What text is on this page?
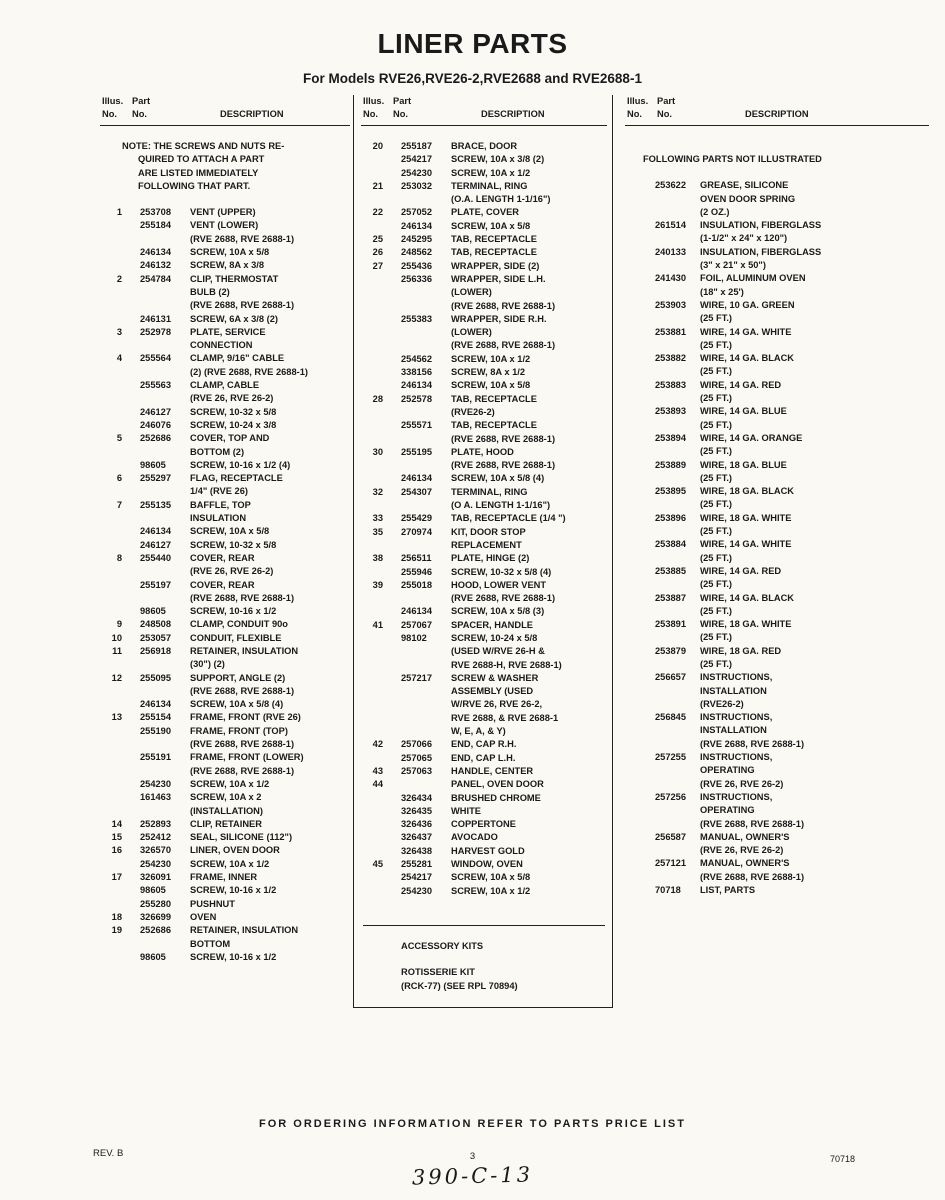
LINER PARTS
For Models RVE26,RVE26-2,RVE2688 and RVE2688-1
Illus. Part
No. No.	DESCRIPTION
NOTE: THE SCREWS AND NUTS RE-
QUIRED TO ATTACH A PART
ARE LISTED IMMEDIATELY
FOLLOWING THAT PART.
1 253708	VENT (UPPER)
255184	VENT (LOWER)
(RVE 2688, RVE 2688-1)
246134	SCREW, 10A x 5/8
246132	SCREW, 8A x 3/8
2 254784	CLIP, THERMOSTAT
BULB (2)
(RVE 2688, RVE 2688-1)
246131	SCREW, 6A x 3/8 (2)
3 252978	PLATE, SERVICE
CONNECTION
4 255564	CLAMP, 9/16" CABLE
(2) (RVE 2688, RVE 2688-1)
255563	CLAMP, CABLE
(RVE 26, RVE 26-2)
246127	SCREW, 10-32 x 5/8
246076	SCREW, 10-24 x 3/8
5 252686	COVER, TOP AND
BOTTOM (2)
98605	SCREW, 10-16 x 1/2 (4)
6 255297	FLAG, RECEPTACLE
1/4" (RVE 26)
7 255135	BAFFLE, TOP
INSULATION
246134	SCREW, 10A x 5/8
246127	SCREW, 10-32 x 5/8
8 255440	COVER, REAR
(RVE 26, RVE 26-2)
255197	COVER, REAR
(RVE 2688, RVE 2688-1)
98605	SCREW, 10-16 x 1/2
9 248508	CLAMP, CONDUIT 90o
10 253057	CONDUIT, FLEXIBLE
11 256918	RETAINER, INSULATION
(30") (2)
12 255095	SUPPORT, ANGLE (2)
(RVE 2688, RVE 2688-1)
246134	SCREW, 10A x 5/8 (4)
13 255154	FRAME, FRONT (RVE 26)
255190	FRAME, FRONT (TOP)
(RVE 2688, RVE 2688-1)
255191	FRAME, FRONT (LOWER)
(RVE 2688, RVE 2688-1)
254230	SCREW, 10A x 1/2
161463	SCREW, 10A x 2
(INSTALLATION)
14 252893	CLIP, RETAINER
15 252412	SEAL, SILICONE (112")
16 326570	LINER, OVEN DOOR
254230	SCREW, 10A x 1/2
17 326091	FRAME, INNER
98605	SCREW, 10-16 x 1/2
255280	PUSHNUT
18 326699	OVEN
19 252686	RETAINER, INSULATION
BOTTOM
98605	SCREW, 10-16 x 1/2
Illus. Part
No. No.	DESCRIPTION
20 255187	BRACE, DOOR
254217	SCREW, 10A x 3/8 (2)
254230	SCREW, 10A x 1/2
21 253032	TERMINAL, RING
(O.A. LENGTH 1-1/16")
22 257052	PLATE, COVER
246134	SCREW, 10A x 5/8
25 245295	TAB, RECEPTACLE
26 248562	TAB, RECEPTACLE
27 255436	WRAPPER, SIDE (2)
256336	WRAPPER, SIDE L.H.
(LOWER)
(RVE 2688, RVE 2688-1)
255383	WRAPPER, SIDE R.H.
(LOWER)
(RVE 2688, RVE 2688-1)
254562	SCREW, 10A x 1/2
338156	SCREW, 8A x 1/2
246134	SCREW, 10A x 5/8
28 252578	TAB, RECEPTACLE
(RVE26-2)
255571	TAB, RECEPTACLE
(RVE 2688, RVE 2688-1)
30 255195	PLATE, HOOD
(RVE 2688, RVE 2688-1)
246134	SCREW, 10A x 5/8 (4)
32 254307	TERMINAL, RING
(O A. LENGTH 1-1/16")
33 255429	TAB, RECEPTACLE (1/4 ")
35 270974	KIT, DOOR STOP
REPLACEMENT
38 256511	PLATE, HINGE (2)
255946	SCREW, 10-32 x 5/8 (4)
39 255018	HOOD, LOWER VENT
(RVE 2688, RVE 2688-1)
246134	SCREW, 10A x 5/8 (3)
41 257067	SPACER, HANDLE
98102	SCREW, 10-24 x 5/8
(USED W/RVE 26-H &
RVE 2688-H, RVE 2688-1)
257217	SCREW & WASHER
ASSEMBLY (USED
W/RVE 26, RVE 26-2,
RVE 2688, & RVE 2688-1
W, E, A, & Y)
42 257066	END, CAP R.H.
257065	END, CAP L.H.
43 257063	HANDLE, CENTER
44	PANEL, OVEN DOOR
326434	BRUSHED CHROME
326435	WHITE
326436	COPPERTONE
326437	AVOCADO
326438	HARVEST GOLD
45 255281	WINDOW, OVEN
254217	SCREW, 10A x 5/8
254230	SCREW, 10A x 1/2
ACCESSORY KITS
ROTISSERIE KIT
(RCK-77) (SEE RPL 70894)
Illus. Part
No. No.	DESCRIPTION
FOLLOWING PARTS NOT ILLUSTRATED
253622	GREASE, SILICONE
OVEN DOOR SPRING
(2 OZ.)
261514	INSULATION, FIBERGLASS
(1-1/2" x 24" x 120")
240133	INSULATION, FIBERGLASS
(3" x 21" x 50")
241430	FOIL, ALUMINUM OVEN
(18" x 25')
253903	WIRE, 10 GA. GREEN
(25 FT.)
253881	WIRE, 14 GA. WHITE
(25 FT.)
253882	WIRE, 14 GA. BLACK
(25 FT.)
253883	WIRE, 14 GA. RED
(25 FT.)
253893	WIRE, 14 GA. BLUE
(25 FT.)
253894	WIRE, 14 GA. ORANGE
(25 FT.)
253889	WIRE, 18 GA. BLUE
(25 FT.)
253895	WIRE, 18 GA. BLACK
(25 FT.)
253896	WIRE, 18 GA. WHITE
(25 FT.)
253884	WIRE, 14 GA. WHITE
(25 FT.)
253885	WIRE, 14 GA. RED
(25 FT.)
253887	WIRE, 14 GA. BLACK
(25 FT.)
253891	WIRE, 18 GA. WHITE
(25 FT.)
253879	WIRE, 18 GA. RED
(25 FT.)
256657	INSTRUCTIONS,
INSTALLATION
(RVE26-2)
256845	INSTRUCTIONS,
INSTALLATION
(RVE 2688, RVE 2688-1)
257255	INSTRUCTIONS,
OPERATING
(RVE 26, RVE 26-2)
257256	INSTRUCTIONS,
OPERATING
(RVE 2688, RVE 2688-1)
256587	MANUAL, OWNER'S
(RVE 26, RVE 26-2)
257121	MANUAL, OWNER'S
(RVE 2688, RVE 2688-1)
70718	LIST, PARTS
FOR ORDERING INFORMATION REFER TO PARTS PRICE LIST
REV. B	3	70718
390-C-13
